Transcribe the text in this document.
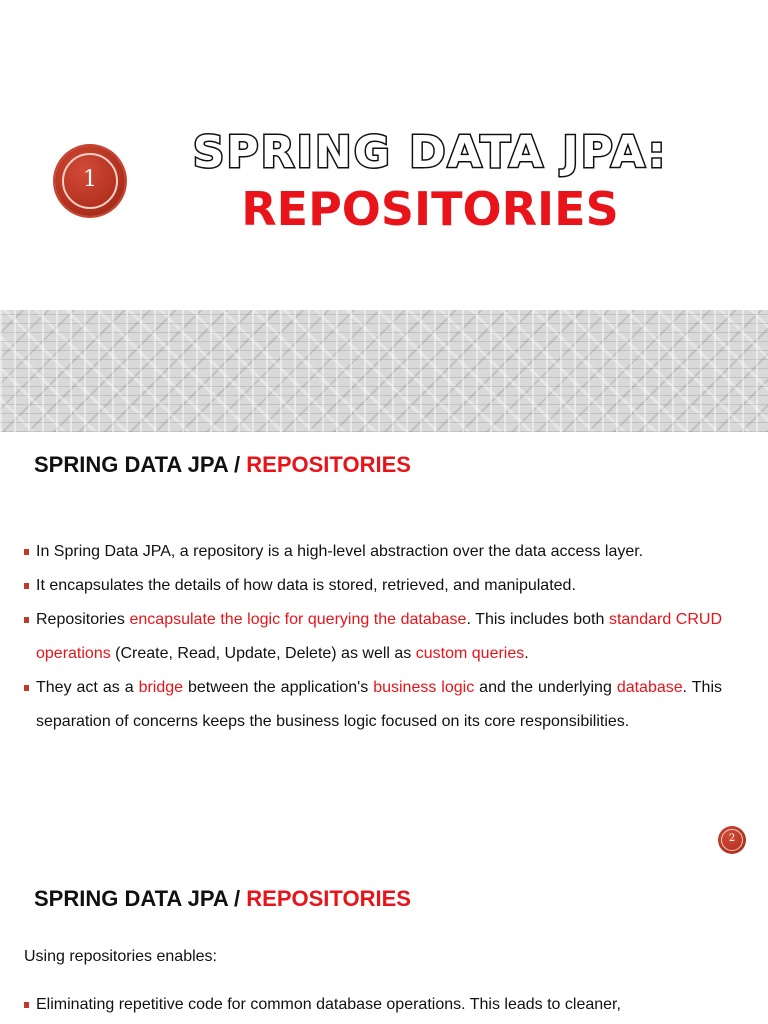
1
SPRING DATA JPA:
REPOSITORIES
SPRING DATA JPA / REPOSITORIES
In Spring Data JPA, a repository is a high-level abstraction over the data access layer.
It encapsulates the details of how data is stored, retrieved, and manipulated.
Repositories encapsulate the logic for querying the database. This includes both standard CRUD operations (Create, Read, Update, Delete) as well as custom queries.
They act as a bridge between the application's business logic and the underlying database. This separation of concerns keeps the business logic focused on its core responsibilities.
2
SPRING DATA JPA / REPOSITORIES
Using repositories enables:
Eliminating repetitive code for common database operations. This leads to cleaner,
